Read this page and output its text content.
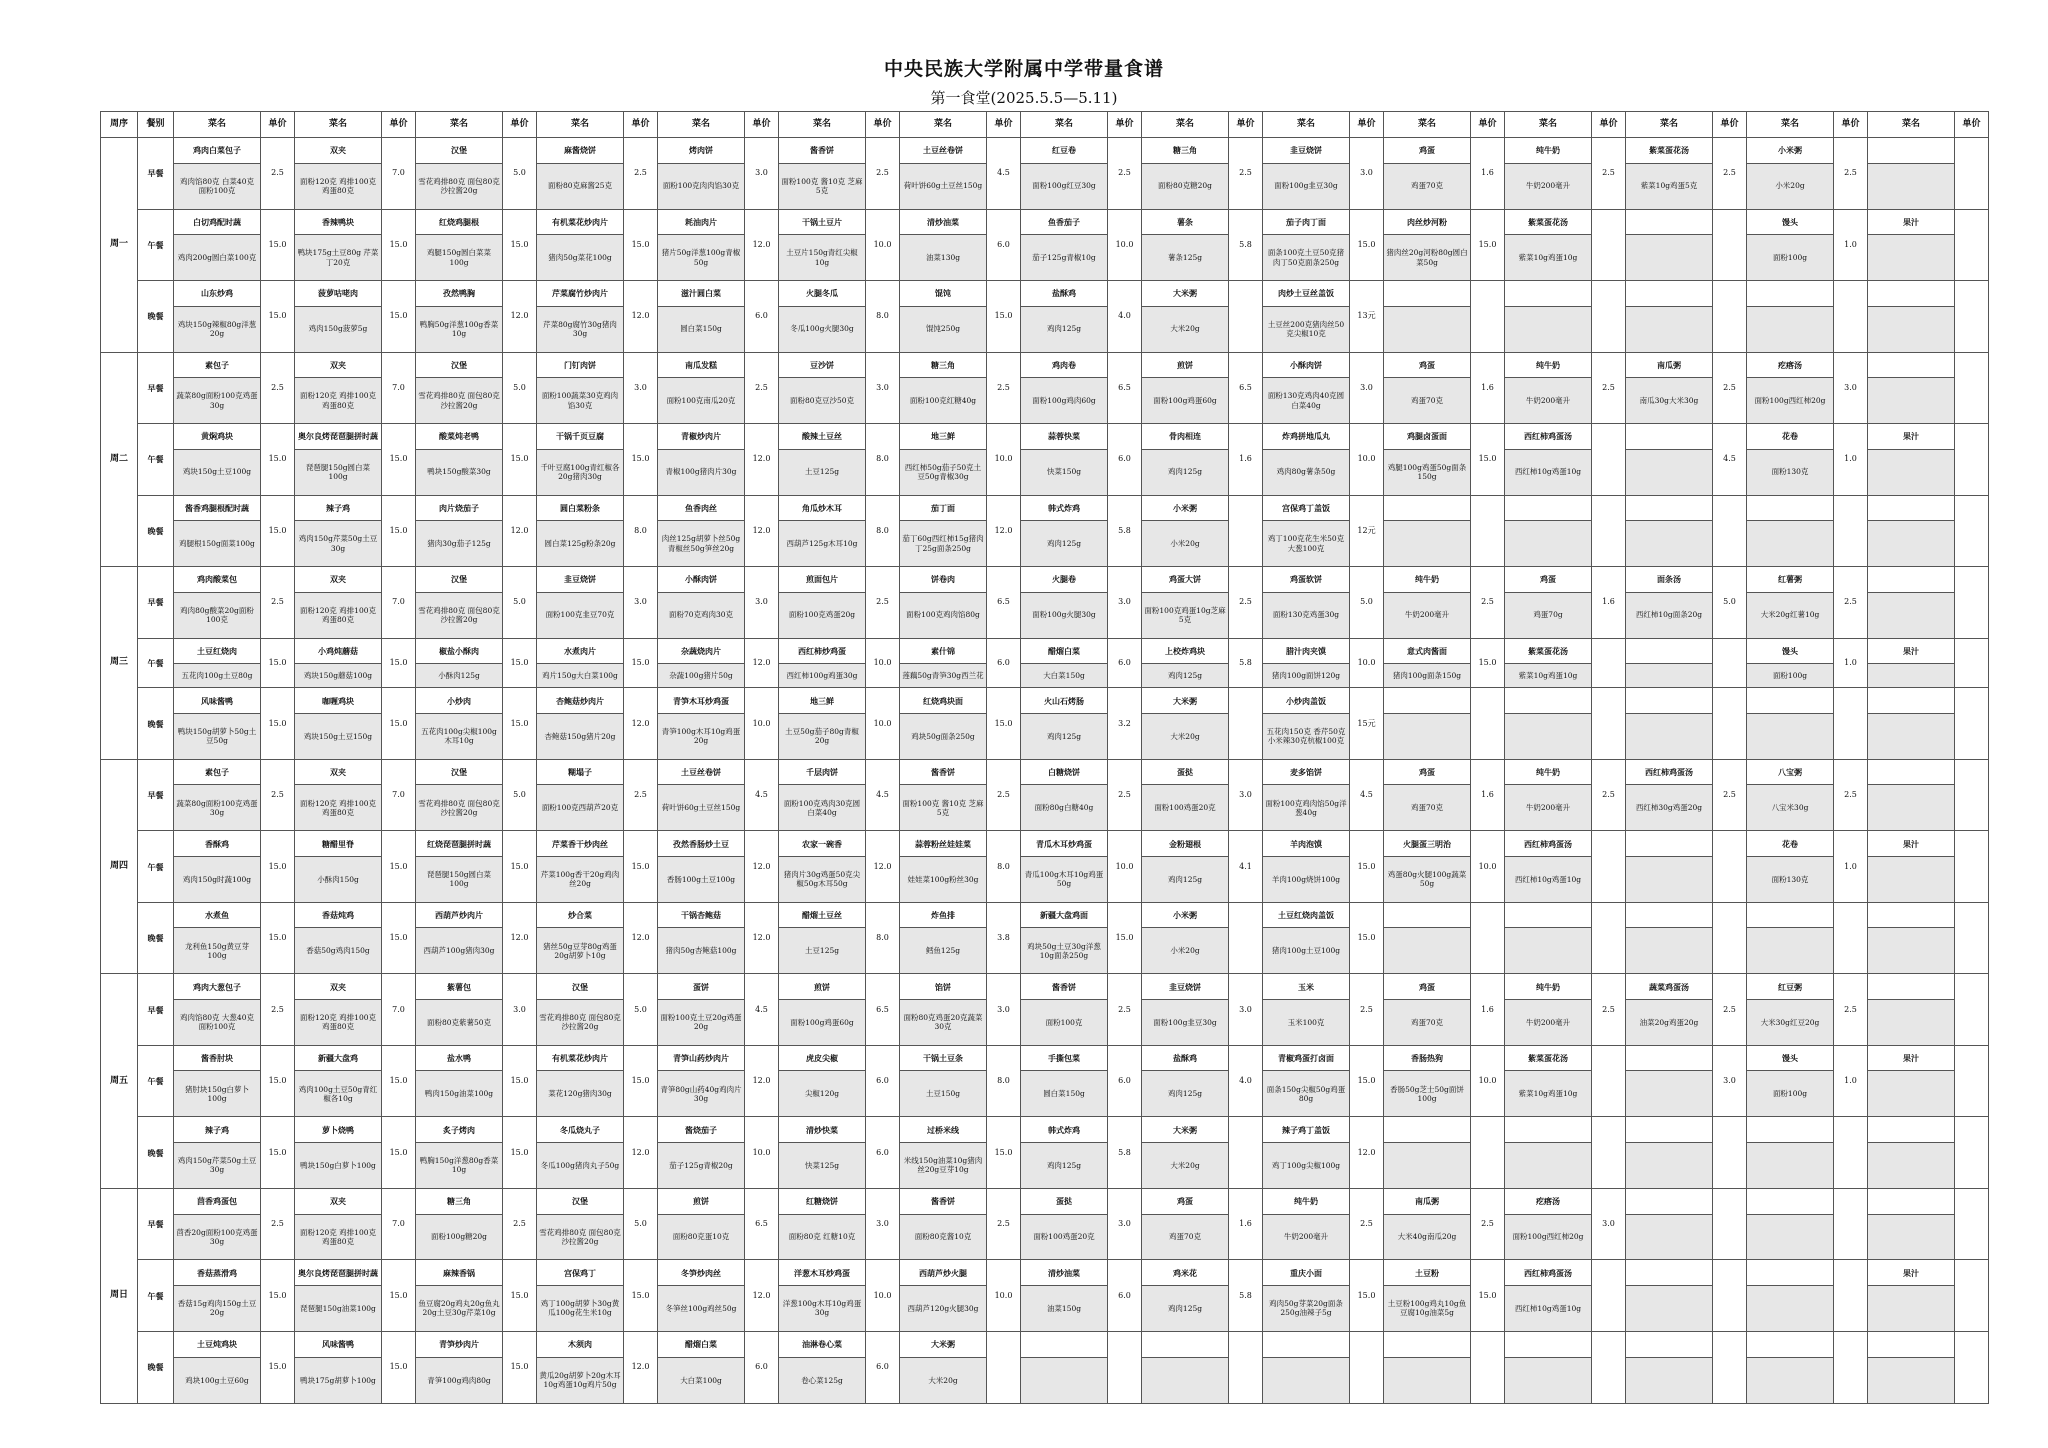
中央民族大学附属中学带量食谱
第一食堂(2025.5.5—5.11)
周序	餐别	菜名	单价	菜名	单价	菜名	单价	菜名	单价	菜名	单价	菜名	单价	菜名	单价	菜名	单价	菜名	单价	菜名	单价	菜名	单价	菜名	单价	菜名	单价	菜名	单价	菜名	单价
周一	早餐	鸡肉白菜包子	2.5	双夹	7.0	汉堡	5.0	麻酱烧饼	2.5	烤肉饼	3.0	酱香饼	2.5	土豆丝卷饼	4.5	红豆卷	2.5	糖三角	2.5	韭豆烧饼	3.0	鸡蛋	1.6	纯牛奶	2.5	紫菜蛋花汤	2.5	小米粥	2.5		
		鸡肉馅80克 白菜40克 面粉100克		面粉120克 鸡排100克 鸡蛋80克		雪花鸡排80克 面包80克沙拉酱20g		面粉80克麻酱25克		面粉100克肉肉馅30克		面粉100克 酱10克 芝麻5克		荷叶饼60g土豆丝150g		面粉100g红豆30g		面粉80克糖20g		面粉100g韭豆30g		鸡蛋70克		牛奶200毫升		紫菜10g鸡蛋5克		小米20g			
	午餐	白切鸡配时蔬	15.0	香辣鸭块	15.0	红烧鸡腿根	15.0	有机菜花炒肉片	15.0	耗油肉片	12.0	干锅土豆片	10.0	清炒油菜	6.0	鱼香茄子	10.0	薯条	5.8	茄子肉丁面	15.0	肉丝炒河粉	15.0	紫菜蛋花汤				馒头	1.0	果汁	
		鸡肉200g圆白菜100克		鸭块175g土豆80g 芹菜丁20克		鸡腿150g圆白菜菜100g		猪肉50g菜花100g		猪片50g洋葱100g青椒50g		土豆片150g青红尖椒10g		油菜130g		茄子125g青椒10g		薯条125g		面条100克土豆50克猪肉丁50克面条250g		猪肉丝20g河粉80g圆白菜50g		紫菜10g鸡蛋10g				面粉100g			
	晚餐	山东炒鸡	15.0	菠萝咕咾肉	15.0	孜然鸭胸	12.0	芹菜腐竹炒肉片	12.0	滋汁圆白菜	6.0	火腿冬瓜	8.0	馄饨	15.0	盐酥鸡	4.0	大米粥		肉炒土豆丝盖饭	13元										
		鸡块150g辣椒80g洋葱20g		鸡肉150g菠萝5g		鸭胸50g洋葱100g香菜10g		芹菜80g腐竹30g猪肉30g		圆白菜150g		冬瓜100g火腿30g		馄饨250g		鸡肉125g		大米20g		土豆丝200克猪肉丝50克尖椒10克											
周二	早餐	素包子	2.5	双夹	7.0	汉堡	5.0	门钉肉饼	3.0	南瓜发糕	2.5	豆沙饼	3.0	糖三角	2.5	鸡肉卷	6.5	煎饼	6.5	小酥肉饼	3.0	鸡蛋	1.6	纯牛奶	2.5	南瓜粥	2.5	疙瘩汤	3.0		
		蔬菜80g面粉100克鸡蛋30g		面粉120克 鸡排100克 鸡蛋80克		雪花鸡排80克 面包80克沙拉酱20g		面粉100蔬菜30克鸡肉馅30克		面粉100克南瓜20克		面粉80克豆沙50克		面粉100克红糖40g		面粉100g鸡肉60g		面粉100g鸡蛋60g		面粉130克鸡肉40克圆白菜40g		鸡蛋70克		牛奶200毫升		南瓜30g大米30g		面粉100g西红柿20g			
	午餐	黄焖鸡块	15.0	奥尔良烤琵琶腿拼时蔬	15.0	酸菜炖老鸭	15.0	干锅千页豆腐	15.0	青椒炒肉片	12.0	酸辣土豆丝	8.0	地三鲜	10.0	蒜蓉快菜	6.0	骨肉相连	1.6	炸鸡拼地瓜丸	10.0	鸡腿卤蛋面	15.0	西红柿鸡蛋汤			4.5	花卷	1.0	果汁	
		鸡块150g土豆100g		琵琶腿150g圆白菜100g		鸭块150g酸菜30g		千叶豆腐100g青红椒各20g猪肉30g		青椒100g猪肉片30g		土豆125g		西红柿50g茄子50克土豆50g青椒30g		快菜150g		鸡肉125g		鸡肉80g薯条50g		鸡腿100g鸡蛋50g面条150g		西红柿10g鸡蛋10g				面粉130克			
	晚餐	酱香鸡腿根配时蔬	15.0	辣子鸡	15.0	肉片烧茄子	12.0	圆白菜粉条	8.0	鱼香肉丝	12.0	角瓜炒木耳	8.0	茄丁面	12.0	韩式炸鸡	5.8	小米粥		宫保鸡丁盖饭	12元										
		鸡腿根150g面菜100g		鸡肉150g芹菜50g土豆30g		猪肉30g茄子125g		圆白菜125g粉条20g		肉丝125g胡萝卜丝50g青椒丝50g笋丝20g		西葫芦125g木耳10g		茄丁60g西红柿15g猪肉丁25g面条250g		鸡肉125g		小米20g		鸡丁100克花生米50克大葱100克											
周三	早餐	鸡肉酸菜包	2.5	双夹	7.0	汉堡	5.0	韭豆烧饼	3.0	小酥肉饼	3.0	煎面包片	2.5	饼卷肉	6.5	火腿卷	3.0	鸡蛋大饼	2.5	鸡蛋软饼	5.0	纯牛奶	2.5	鸡蛋	1.6	面条汤	5.0	红薯粥	2.5		
		鸡肉80g酸菜20g面粉100克		面粉120克 鸡排100克 鸡蛋80克		雪花鸡排80克 面包80克沙拉酱20g		面粉100克韭豆70克		面粉70克鸡肉30克		面粉100克鸡蛋20g		面粉100克鸡肉馅80g		面粉100g火腿30g		面粉100克鸡蛋10g芝麻5克		面粉130克鸡蛋30g		牛奶200毫升		鸡蛋70g		西红柿10g面条20g		大米20g红薯10g			
	午餐	土豆红烧肉	15.0	小鸡炖蘑菇	15.0	椒盐小酥肉	15.0	水煮肉片	15.0	杂蔬烧肉片	12.0	西红柿炒鸡蛋	10.0	素什锦	6.0	醋熘白菜	6.0	上校炸鸡块	5.8	腊汁肉夹馍	10.0	意式肉酱面	15.0	紫菜蛋花汤				馒头	1.0	果汁	
		五花肉100g土豆80g		鸡块150g蘑菇100g		小酥肉125g		鸡片150g大白菜100g		杂蔬100g猪片50g		西红柿100g鸡蛋30g		莲藕50g青笋30g西兰花		大白菜150g		鸡肉125g		猪肉100g面饼120g		猪肉100g面条150g		紫菜10g鸡蛋10g				面粉100g			
	晚餐	风味酱鸭	15.0	咖喱鸡块	15.0	小炒肉	15.0	杏鲍菇炒肉片	12.0	青笋木耳炒鸡蛋	10.0	地三鲜	10.0	红烧鸡块面	15.0	火山石烤肠	3.2	大米粥		小炒肉盖饭	15元										
		鸭块150g胡萝卜50g土豆50g		鸡块150g土豆150g		五花肉100g尖椒100g木耳10g		杏鲍菇150g猪片20g		青笋100g木耳10g鸡蛋20g		土豆50g茄子80g青椒20g		鸡块50g面条250g		鸡肉125g		大米20g		五花肉150克 香芹50克小米辣30克杭椒100克											
周四	早餐	素包子	2.5	双夹	7.0	汉堡	5.0	糊塌子	2.5	土豆丝卷饼	4.5	千层肉饼	4.5	酱香饼	2.5	白糖烧饼	2.5	蛋挞	3.0	麦多馅饼	4.5	鸡蛋	1.6	纯牛奶	2.5	西红柿鸡蛋汤	2.5	八宝粥	2.5		
		蔬菜80g面粉100克鸡蛋30g		面粉120克 鸡排100克 鸡蛋80克		雪花鸡排80克 面包80克沙拉酱20g		面粉100克西葫芦20克		荷叶饼60g土豆丝150g		面粉100克鸡肉30克圆白菜40g		面粉100克 酱10克 芝麻5克		面粉80g白糖40g		面粉100鸡蛋20克		面粉100克鸡肉馅50g洋葱40g		鸡蛋70克		牛奶200毫升		西红柿30g鸡蛋20g		八宝米30g			
	午餐	香酥鸡	15.0	糖醋里脊	15.0	红烧琵琶腿拼时蔬	15.0	芹菜香干炒肉丝	15.0	孜然香肠炒土豆	12.0	农家一碗香	12.0	蒜蓉粉丝娃娃菜	8.0	青瓜木耳炒鸡蛋	10.0	金粉翅根	4.1	羊肉泡馍	15.0	火腿蛋三明治	10.0	西红柿鸡蛋汤				花卷	1.0	果汁	
		鸡肉150g时蔬100g		小酥肉150g		琵琶腿150g圆白菜100g		芹菜100g香干20g鸡肉丝20g		香肠100g土豆100g		猪肉片30g鸡蛋50克尖椒50g木耳50g		娃娃菜100g粉丝30g		青瓜100g木耳10g鸡蛋50g		鸡肉125g		羊肉100g烧饼100g		鸡蛋80g火腿100g蔬菜50g		西红柿10g鸡蛋10g				面粉130克			
	晚餐	水煮鱼	15.0	香菇炖鸡	15.0	西葫芦炒肉片	12.0	炒合菜	12.0	干锅杏鲍菇	12.0	醋熘土豆丝	8.0	炸鱼排	3.8	新疆大盘鸡面	15.0	小米粥		土豆红烧肉盖饭	15.0										
		龙利鱼150g黄豆芽100g		香菇50g鸡肉150g		西葫芦100g猪肉30g		猪丝50g豆芽80g鸡蛋20g胡萝卜10g		猪肉50g杏鲍菇100g		土豆125g		鳕鱼125g		鸡块50g土豆30g洋葱10g面条250g		小米20g		猪肉100g土豆100g											
周五	早餐	鸡肉大葱包子	2.5	双夹	7.0	紫薯包	3.0	汉堡	5.0	蛋饼	4.5	煎饼	6.5	馅饼	3.0	酱香饼	2.5	韭豆烧饼	3.0	玉米	2.5	鸡蛋	1.6	纯牛奶	2.5	蔬菜鸡蛋汤	2.5	红豆粥	2.5		
		鸡肉馅80克 大葱40克 面粉100克		面粉120克 鸡排100克 鸡蛋80克		面粉80克紫薯50克		雪花鸡排80克 面包80克沙拉酱20g		面粉100克土豆20g鸡蛋20g		面粉100g鸡蛋60g		面粉80克鸡蛋20克蔬菜30克		面粉100克		面粉100g韭豆30g		玉米100克		鸡蛋70克		牛奶200毫升		油菜20g鸡蛋20g		大米30g红豆20g			
	午餐	酱香肘块	15.0	新疆大盘鸡	15.0	盐水鸭	15.0	有机菜花炒肉片	15.0	青笋山药炒肉片	12.0	虎皮尖椒	6.0	干锅土豆条	8.0	手撕包菜	6.0	盐酥鸡	4.0	青椒鸡蛋打卤面	15.0	香肠热狗	10.0	紫菜蛋花汤			3.0	馒头	1.0	果汁	
		猪肘块150g白萝卜100g		鸡肉100g土豆50g青红椒各10g		鸭肉150g油菜100g		菜花120g猪肉30g		青笋80g山药40g鸡肉片30g		尖椒120g		土豆150g		圆白菜150g		鸡肉125g		面条150g尖椒50g鸡蛋80g		香肠50g芝士50g面饼100g		紫菜10g鸡蛋10g				面粉100g			
	晚餐	辣子鸡	15.0	萝卜烧鸭	15.0	炙子烤肉	15.0	冬瓜烧丸子	12.0	酱烧茄子	10.0	清炒快菜	6.0	过桥米线	15.0	韩式炸鸡	5.8	大米粥		辣子鸡丁盖饭	12.0										
		鸡肉150g芹菜50g土豆30g		鸭块150g白萝卜100g		鸭胸150g洋葱80g香菜10g		冬瓜100g猪肉丸子50g		茄子125g青椒20g		快菜125g		米线150g油菜10g猪肉丝20g豆芽10g		鸡肉125g		大米20g		鸡丁100g尖椒100g											
周日	早餐	茴香鸡蛋包	2.5	双夹	7.0	糖三角	2.5	汉堡	5.0	煎饼	6.5	红糖烧饼	3.0	酱香饼	2.5	蛋挞	3.0	鸡蛋	1.6	纯牛奶	2.5	南瓜粥	2.5	疙瘩汤	3.0						
		茴香20g面粉100克鸡蛋30g		面粉120克 鸡排100克 鸡蛋80克		面粉100g糖20g		雪花鸡排80克 面包80克沙拉酱20g		面粉80克蛋10克		面粉80克 红糖10克		面粉80克酱10克		面粉100鸡蛋20克		鸡蛋70克		牛奶200毫升		大米40g南瓜20g		面粉100g西红柿20g							
	午餐	香菇蒸滑鸡	15.0	奥尔良烤琵琶腿拼时蔬	15.0	麻辣香锅	15.0	宫保鸡丁	15.0	冬笋炒肉丝	12.0	洋葱木耳炒鸡蛋	10.0	西葫芦炒火腿	10.0	清炒油菜	6.0	鸡米花	5.8	重庆小面	15.0	土豆粉	15.0	西红柿鸡蛋汤						果汁	
		香菇15g鸡肉150g土豆20g		琵琶腿150g油菜100g		鱼豆腐20g鸡丸20g鱼丸20g土豆30g芹菜10g		鸡丁100g胡萝卜30g黄瓜100g花生米10g		冬笋丝100g鸡丝50g		洋葱100g木耳10g鸡蛋30g		西葫芦120g火腿30g		油菜150g		鸡肉125g		鸡肉50g芽菜20g面条250g油辣子5g		土豆粉100g鸡丸10g鱼豆腐10g油菜5g		西红柿10g鸡蛋10g							
	晚餐	土豆炖鸡块	15.0	风味酱鸭	15.0	青笋炒肉片	15.0	木须肉	12.0	醋熘白菜	6.0	油淋卷心菜	6.0	大米粥																	
		鸡块100g土豆60g		鸭块175g胡萝卜100g		青笋100g鸡肉80g		黄瓜20g胡萝卜20g木耳10g鸡蛋10g鸡片50g		大白菜100g		卷心菜125g		大米20g																	
